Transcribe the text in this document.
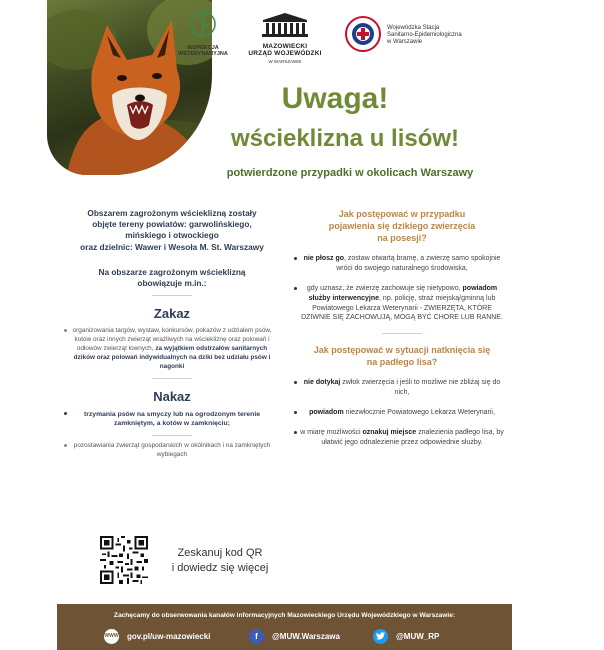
INSPEKCJA WETERYNARYJNA
MAZOWIECKI
URZĄD WOJEWÓDZKI
W WARSZAWIE
Wojewódzka Stacja
Sanitarno-Epidemiologiczna
w Warszawie
Uwaga!
wścieklizna u lisów!
potwierdzone przypadki w okolicach Warszawy
Obszarem zagrożonym wścieklizną zostały
objęte tereny powiatów: garwolińskiego,
mińskiego i otwockiego
oraz dzielnic: Wawer i Wesoła M. St. Warszawy
Na obszarze zagrożonym wścieklizną
obowiązuje m.in.:
Zakaz
organizowania targów, wystaw, konkursów, pokazów z udziałem psów, kotów oraz innych zwierząt wrażliwych na wściekliznę oraz polowań i odłowów zwierząt łownych, za wyjątkiem odstrzałów sanitarnych dzików oraz polowań indywidualnych na dziki bez udziału psów i nagonki
Nakaz
trzymania psów na smyczy lub na ogrodzonym terenie zamkniętym, a kotów w zamknięciu;
pozostawiania zwierząt gospodarskich w okólnikach i na zamkniętych wybiegach
Jak postępować w przypadku
pojawienia się dzikiego zwierzęcia
na posesji?
nie płosz go, zostaw otwartą bramę, a zwierzę samo spokojnie wróci do swojego naturalnego środowiska,
gdy uznasz, że zwierzę zachowuje się nietypowo, powiadom służby interwencyjne, np. policję, straż miejską/gminną lub Powiatowego Lekarza Weterynarii - ZWIERZĘTA, KTÓRE DZIWNIE SIĘ ZACHOWUJĄ, MOGĄ BYĆ CHORE LUB RANNE.
Jak postępować w sytuacji natknięcia się
na padłego lisa?
nie dotykaj zwłok zwierzęcia i jeśli to możliwe nie zbliżaj się do nich,
powiadom niezwłocznie Powiatowego Lekarza Weterynarii,
w miarę możliwości oznakuj miejsce znalezienia padłego lisa, by ułatwić jego odnalezienie przez odpowiednie służby.
Zeskanuj kod QR
i dowiedz się więcej
Zachęcamy do obserwowania kanałów informacyjnych Mazowieckiego Urzędu Wojewódzkiego w Warszawie:
WWW gov.pl/uw-mazowiecki	f	@MUW.Warszawa	@MUW_RP
